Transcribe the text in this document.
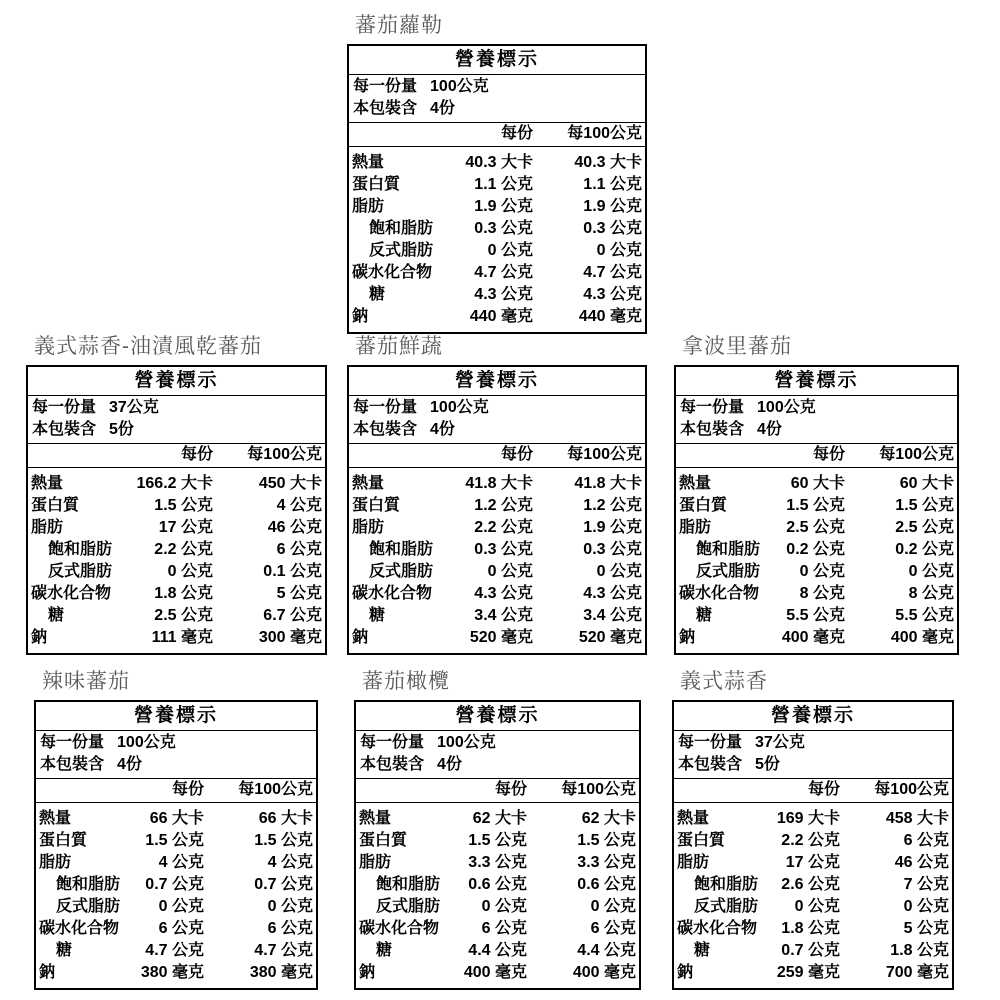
蕃茄蘿勒
營養標示
每一份量 100公克
本包裝含 4份
每份	每100公克
熱量	40.3 大卡	40.3 大卡
蛋白質	1.1 公克	1.1 公克
脂肪	1.9 公克	1.9 公克
飽和脂肪	0.3 公克	0.3 公克
反式脂肪	0 公克	0 公克
碳水化合物	4.7 公克	4.7 公克
糖	4.3 公克	4.3 公克
鈉	440 毫克	440 毫克
義式蒜香-油漬風乾蕃茄
營養標示
每一份量 37公克
本包裝含 5份
每份	每100公克
熱量	166.2 大卡	450 大卡
蛋白質	1.5 公克	4 公克
脂肪	17 公克	46 公克
飽和脂肪	2.2 公克	6 公克
反式脂肪	0 公克	0.1 公克
碳水化合物	1.8 公克	5 公克
糖	2.5 公克	6.7 公克
鈉	111 毫克	300 毫克
蕃茄鮮蔬
營養標示
每一份量 100公克
本包裝含 4份
每份	每100公克
熱量	41.8 大卡	41.8 大卡
蛋白質	1.2 公克	1.2 公克
脂肪	2.2 公克	1.9 公克
飽和脂肪	0.3 公克	0.3 公克
反式脂肪	0 公克	0 公克
碳水化合物	4.3 公克	4.3 公克
糖	3.4 公克	3.4 公克
鈉	520 毫克	520 毫克
拿波里蕃茄
營養標示
每一份量 100公克
本包裝含 4份
每份	每100公克
熱量	60 大卡	60 大卡
蛋白質	1.5 公克	1.5 公克
脂肪	2.5 公克	2.5 公克
飽和脂肪	0.2 公克	0.2 公克
反式脂肪	0 公克	0 公克
碳水化合物	8 公克	8 公克
糖	5.5 公克	5.5 公克
鈉	400 毫克	400 毫克
辣味蕃茄
營養標示
每一份量 100公克
本包裝含 4份
每份	每100公克
熱量	66 大卡	66 大卡
蛋白質	1.5 公克	1.5 公克
脂肪	4 公克	4 公克
飽和脂肪	0.7 公克	0.7 公克
反式脂肪	0 公克	0 公克
碳水化合物	6 公克	6 公克
糖	4.7 公克	4.7 公克
鈉	380 毫克	380 毫克
蕃茄橄欖
營養標示
每一份量 100公克
本包裝含 4份
每份	每100公克
熱量	62 大卡	62 大卡
蛋白質	1.5 公克	1.5 公克
脂肪	3.3 公克	3.3 公克
飽和脂肪	0.6 公克	0.6 公克
反式脂肪	0 公克	0 公克
碳水化合物	6 公克	6 公克
糖	4.4 公克	4.4 公克
鈉	400 毫克	400 毫克
義式蒜香
營養標示
每一份量 37公克
本包裝含 5份
每份	每100公克
熱量	169 大卡	458 大卡
蛋白質	2.2 公克	6 公克
脂肪	17 公克	46 公克
飽和脂肪	2.6 公克	7 公克
反式脂肪	0 公克	0 公克
碳水化合物	1.8 公克	5 公克
糖	0.7 公克	1.8 公克
鈉	259 毫克	700 毫克
